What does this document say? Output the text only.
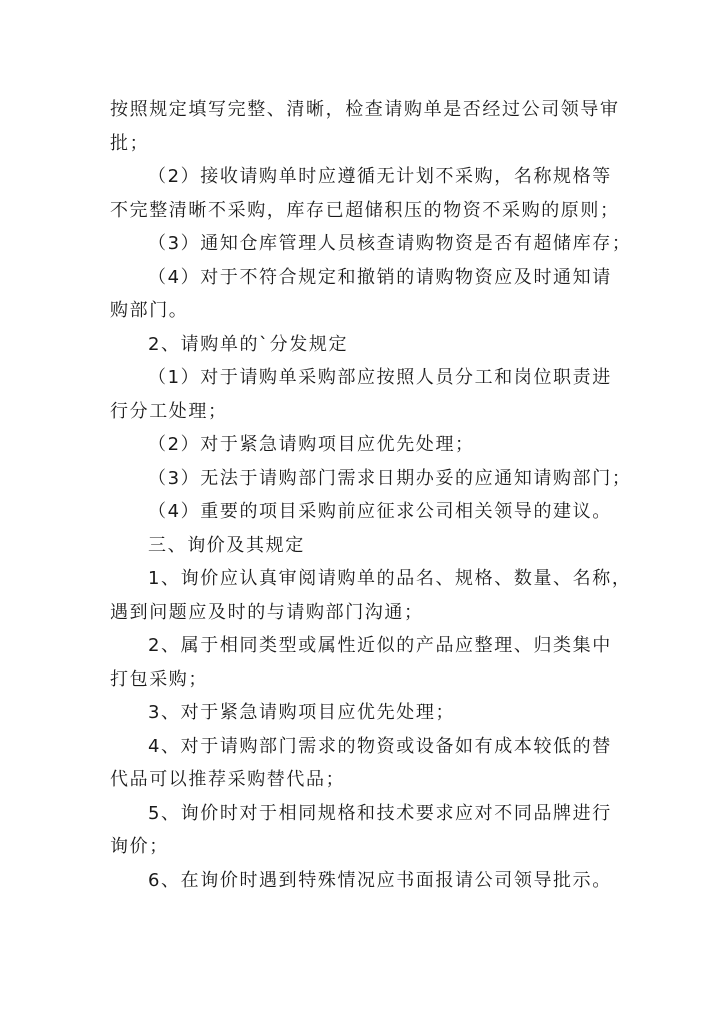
按照规定填写完整、清晰，检查请购单是否经过公司领导审
批；

（2）接收请购单时应遵循无计划不采购，名称规格等
不完整清晰不采购，库存已超储积压的物资不采购的原则；

（3）通知仓库管理人员核查请购物资是否有超储库存；

（4）对于不符合规定和撤销的请购物资应及时通知请
购部门。

2、请购单的`分发规定

（1）对于请购单采购部应按照人员分工和岗位职责进
行分工处理；

（2）对于紧急请购项目应优先处理；

（3）无法于请购部门需求日期办妥的应通知请购部门；

（4）重要的项目采购前应征求公司相关领导的建议。

三、询价及其规定

1、询价应认真审阅请购单的品名、规格、数量、名称，
遇到问题应及时的与请购部门沟通；

2、属于相同类型或属性近似的产品应整理、归类集中
打包采购；

3、对于紧急请购项目应优先处理；

4、对于请购部门需求的物资或设备如有成本较低的替
代品可以推荐采购替代品；

5、询价时对于相同规格和技术要求应对不同品牌进行
询价；

6、在询价时遇到特殊情况应书面报请公司领导批示。
